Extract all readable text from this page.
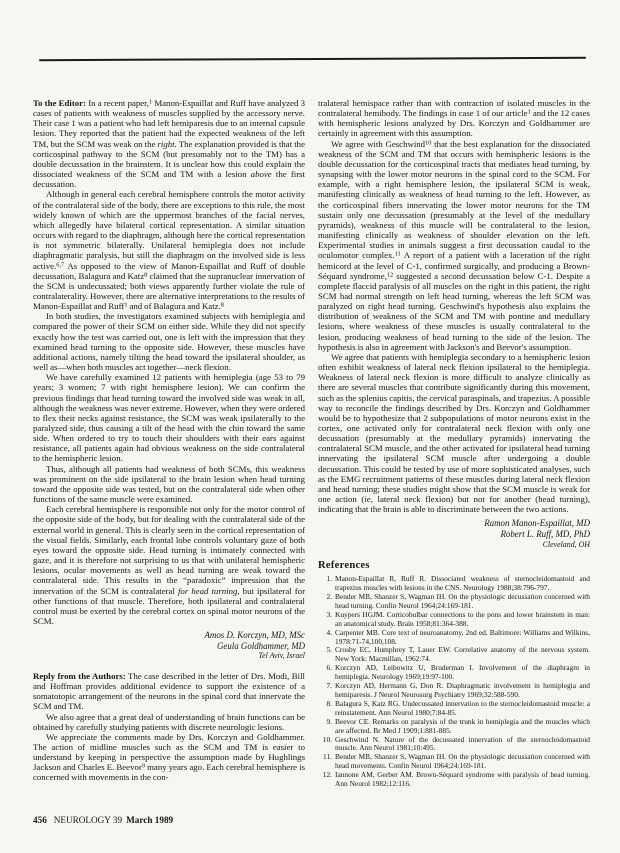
To the Editor: In a recent paper,$^1$ Manon-Espaillat and Ruff have analyzed 3 cases of patients with weakness of muscles supplied by the accessory nerve. Their case 1 was a patient who had left hemiparesis due to an internal capsule lesion. They reported that the patient had the expected weakness of the left TM, but the SCM was weak on the right. The explanation provided is that the corticospinal pathway to the SCM (but presumably not to the TM) has a double decussation in the brainstem. It is unclear how this could explain the dissociated weakness of the SCM and TM with a lesion above the first decussation.

Although in general each cerebral hemisphere controls the motor activity of the contralateral side of the body, there are exceptions to this rule, the most widely known of which are the uppermost branches of the facial nerves, which allegedly have bilateral cortical representation. A similar situation occurs with regard to the diaphragm, although here the cortical representation is not symmetric bilaterally. Unilateral hemiplegia does not include diaphragmatic paralysis, but still the diaphragm on the involved side is less active.$^{6,7}$ As opposed to the view of Manon-Espaillat and Ruff of double decussation, Balagura and Katz$^8$ claimed that the supranuclear innervation of the SCM is undecussated; both views apparently further violate the rule of contralaterality. However, there are alternative interpretations to the results of Manon-Espaillat and Ruff$^1$ and of Balagura and Katz.$^8$

In both studies, the investigators examined subjects with hemiplegia and compared the power of their SCM on either side. While they did not specify exactly how the test was carried out, one is left with the impression that they examined head turning to the opposite side. However, these muscles have additional actions, namely tilting the head toward the ipsilateral shoulder, as well as—when both muscles act together—neck flexion.

We have carefully examined 12 patients with hemiplegia (age 53 to 79 years; 3 women; 7 with right hemisphere lesion). We can confirm the previous findings that head turning toward the involved side was weak in all, although the weakness was never extreme. However, when they were ordered to flex their necks against resistance, the SCM was weak ipsilaterally to the paralyzed side, thus causing a tilt of the head with the chin toward the same side. When ordered to try to touch their shoulders with their ears against resistance, all patients again had obvious weakness on the side contralateral to the hemispheric lesion.

Thus, although all patients had weakness of both SCMs, this weakness was prominent on the side ipsilateral to the brain lesion when head turning toward the opposite side was tested, but on the contralateral side when other functions of the same muscle were examined.

Each cerebral hemisphere is responsible not only for the motor control of the opposite side of the body, but for dealing with the contralateral side of the external world in general. This is clearly seen in the cortical representation of the visual fields. Similarly, each frontal lobe controls voluntary gaze of both eyes toward the opposite side. Head turning is intimately connected with gaze, and it is therefore not surprising to us that with unilateral hemispheric lesions, ocular movements as well as head turning are weak toward the contralateral side. This results in the “paradoxic” impression that the innervation of the SCM is contralateral for head turning, but ipsilateral for other functions of that muscle. Therefore, both ipsilateral and contralateral control must be exerted by the cerebral cortex on spinal motor neurons of the SCM.

Amos D. Korczyn, MD, MSc
Geula Goldhammer, MD
Tel Aviv, Israel

Reply from the Authors: The case described in the letter of Drs. Modi, Bill and Hoffman provides additional evidence to support the existence of a somatotopic arrangement of the neurons in the spinal cord that innervate the SCM and TM.

We also agree that a great deal of understanding of brain functions can be obtained by carefully studying patients with discrete neurologic lesions.

We appreciate the comments made by Drs. Korczyn and Goldhammer. The action of midline muscles such as the SCM and TM is easier to understand by keeping in perspective the assumption made by Hughlings Jackson and Charles E. Beevor$^9$ many years ago. Each cerebral hemisphere is concerned with movements in the con-

tralateral hemispace rather than with contraction of isolated muscles in the contralateral hemibody. The findings in case 1 of our article$^1$ and the 12 cases with hemispheric lesions analyzed by Drs. Korczyn and Goldhammer are certainly in agreement with this assumption.

We agree with Geschwind$^{10}$ that the best explanation for the dissociated weakness of the SCM and TM that occurs with hemispheric lesions is the double decussation for the corticospinal tracts that mediates head turning, by synapsing with the lower motor neurons in the spinal cord to the SCM. For example, with a right hemisphere lesion, the ipsilateral SCM is weak, manifesting clinically as weakness of head turning to the left. However, as the corticospinal fibers innervating the lower motor neurons for the TM sustain only one decussation (presumably at the level of the medullary pyramids), weakness of this muscle will be contralateral to the lesion, manifesting clinically as weakness of shoulder elevation on the left. Experimental studies in animals suggest a first decussation caudal to the oculomotor complex.$^{11}$ A report of a patient with a laceration of the right hemicord at the level of C-1, confirmed surgically, and producing a Brown-Séquard syndrome,$^{12}$ suggested a second decussation below C-1. Despite a complete flaccid paralysis of all muscles on the right in this patient, the right SCM had normal strength on left head turning, whereas the left SCM was paralyzed on right head turning. Geschwind's hypothesis also explains the distribution of weakness of the SCM and TM with pontine and medullary lesions, where weakness of these muscles is usually contralateral to the lesion, producing weakness of head turning to the side of the lesion. The hypothesis is also in agreement with Jackson's and Beevor's assumption.

We agree that patients with hemiplegia secondary to a hemispheric lesion often exhibit weakness of lateral neck flexion ipsilateral to the hemiplegia. Weakness of lateral neck flexion is more difficult to analyze clinically as there are several muscles that contribute significantly during this movement, such as the splenius capitis, the cervical paraspinals, and trapezius. A possible way to reconcile the findings described by Drs. Korczyn and Goldhammer would be to hypothesize that 2 subpopulations of motor neurons exist in the cortex, one activated only for contralateral neck flexion with only one decussation (presumably at the medullary pyramids) innervating the contralateral SCM muscle, and the other activated for ipsilateral head turning innervating the ipsilateral SCM muscle after undergoing a double decussation. This could be tested by use of more sophisticated analyses, such as the EMG recruitment patterns of these muscles during lateral neck flexion and head turning; these studies might show that the SCM muscle is weak for one action (ie, lateral neck flexion) but not for another (head turning), indicating that the brain is able to discriminate between the two actions.

Ramon Manon-Espaillat, MD
Robert L. Ruff, MD, PhD
Cleveland, OH
References
1. Manon-Espaillat R, Ruff R. Dissociated weakness of sternocleidomastoid and trapezius muscles with lesions in the CNS. Neurology 1988;38:796-797.
2. Bender MB, Shanzer S, Wagman IH. On the physiologic decussation concerned with head turning. Confin Neurol 1964;24:169-181.
3. Kuypers HGJM. Corticobulbar connections to the pons and lower brainstem in man: an anatomical study. Brain 1958;81:364-388.
4. Carpenter MB. Core text of neuroanatomy, 2nd ed. Baltimore: Williams and Wilkins, 1978:71-74,100,108.
5. Crosby EC, Humphrey T, Lauer EW. Correlative anatomy of the nervous system. New York: Macmillan, 1962:74.
6. Korczyn AD, Leibowitz U, Bruderman I. Involvement of the diaphragm in hemiplegia. Neurology 1969;19:97-100.
7. Korczyn AD, Hermann G, Don R. Diaphragmatic involvement in hemiplegia and hemiparesis. J Neurol Neurosurg Psychiatry 1969;32:588-590.
8. Balagura S, Katz RG. Undecussated innervation to the sternocleidomastoid muscle: a reinstatement. Ann Neurol 1980;7:84-85.
9. Beevor CE. Remarks on paralysis of the trunk in hemiplegia and the muscles which are affected. Br Med J 1909;1:881-885.
10. Geschwind N. Nature of the decussated innervation of the sternocleidomastoid muscle. Ann Neurol 1981;10:495.
11. Bender MB, Shanzer S, Wagman IH. On the physiologic decussation concerned with head movements. Confin Neurol 1964;24:169-181.
12. Iannone AM, Gerber AM. Brown-Séquard syndrome with paralysis of head turning. Ann Neurol 1982;12:116.
456 NEUROLOGY 39 March 1989
